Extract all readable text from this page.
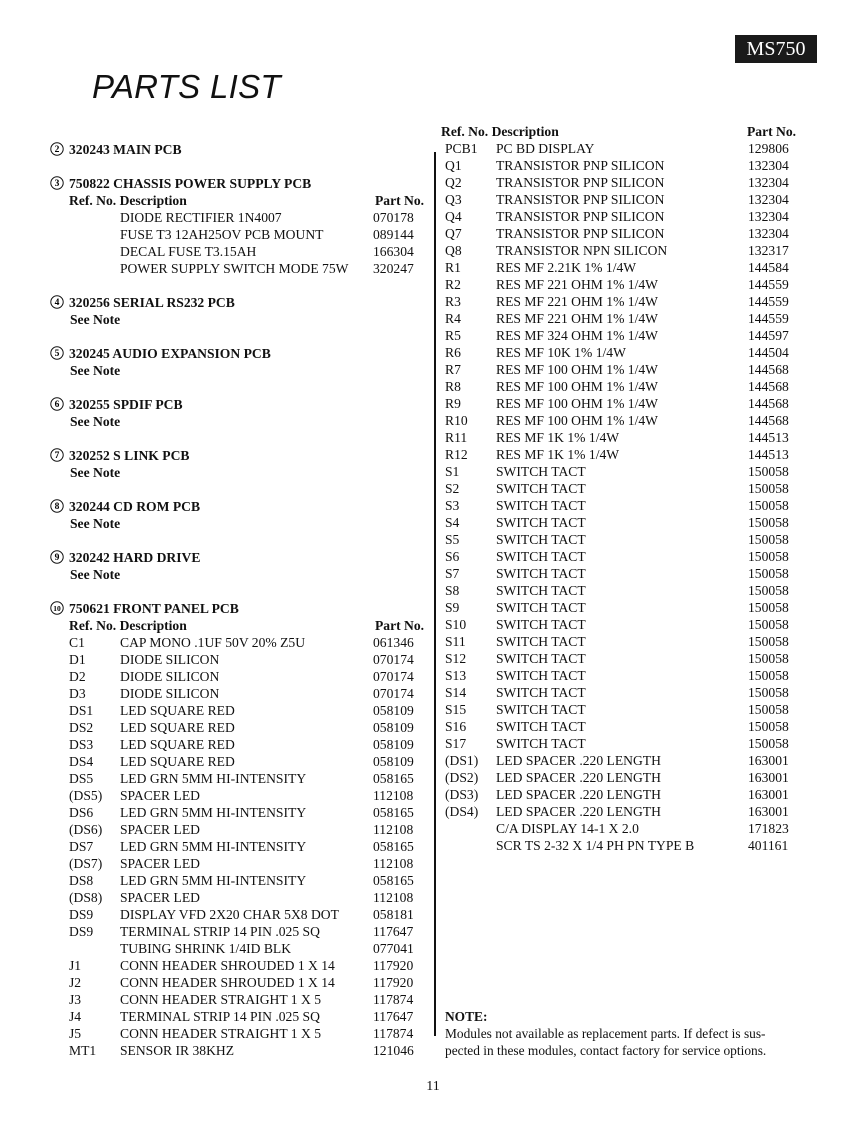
MS750
PARTS LIST
2 320243 MAIN PCB
3 750822 CHASSIS POWER SUPPLY PCB
Ref. No. Description	Part No.
DIODE RECTIFIER 1N4007	070178
FUSE T3 12AH25OV PCB MOUNT	089144
DECAL FUSE T3.15AH	166304
POWER SUPPLY SWITCH MODE 75W 320247
4 320256 SERIAL RS232 PCB
See Note
5 320245 AUDIO EXPANSION PCB
See Note
6 320255 SPDIF PCB
See Note
7 320252 S LINK PCB
See Note
8 320244 CD ROM PCB
See Note
9 320242 HARD DRIVE
See Note
10 750621 FRONT PANEL PCB
Ref. No. Description	Part No.
C1	CAP MONO .1UF 50V 20% Z5U	061346
D1	DIODE SILICON	070174
D2	DIODE SILICON	070174
D3	DIODE SILICON	070174
DS1 LED SQUARE RED	058109
DS2 LED SQUARE RED	058109
DS3 LED SQUARE RED	058109
DS4 LED SQUARE RED	058109
DS5 LED GRN 5MM HI-INTENSITY	058165
(DS5) SPACER LED	112108
DS6 LED GRN 5MM HI-INTENSITY	058165
(DS6) SPACER LED	112108
DS7 LED GRN 5MM HI-INTENSITY	058165
(DS7) SPACER LED	112108
DS8 LED GRN 5MM HI-INTENSITY	058165
(DS8) SPACER LED	112108
DS9 DISPLAY VFD 2X20 CHAR 5X8 DOT	058181
DS9 TERMINAL STRIP 14 PIN .025 SQ	117647
TUBING SHRINK 1/4ID BLK	077041
J1	CONN HEADER SHROUDED 1 X 14	117920
J2	CONN HEADER SHROUDED 1 X 14	117920
J3	CONN HEADER STRAIGHT 1 X 5	117874
J4	TERMINAL STRIP 14 PIN .025 SQ	117647
J5	CONN HEADER STRAIGHT 1 X 5	117874
MT1 SENSOR IR 38KHZ	121046
Ref. No. Description	Part No.
PCB1 PC BD DISPLAY	129806
Q1	TRANSISTOR PNP SILICON	132304
Q2	TRANSISTOR PNP SILICON	132304
Q3	TRANSISTOR PNP SILICON	132304
Q4	TRANSISTOR PNP SILICON	132304
Q7	TRANSISTOR PNP SILICON	132304
Q8	TRANSISTOR NPN SILICON	132317
R1	RES MF 2.21K 1% 1/4W	144584
R2	RES MF 221 OHM 1% 1/4W	144559
R3	RES MF 221 OHM 1% 1/4W	144559
R4	RES MF 221 OHM 1% 1/4W	144559
R5	RES MF 324 OHM 1% 1/4W	144597
R6	RES MF 10K 1% 1/4W	144504
R7	RES MF 100 OHM 1% 1/4W	144568
R8	RES MF 100 OHM 1% 1/4W	144568
R9	RES MF 100 OHM 1% 1/4W	144568
R10 RES MF 100 OHM 1% 1/4W	144568
R11 RES MF 1K 1% 1/4W	144513
R12 RES MF 1K 1% 1/4W	144513
S1	SWITCH TACT	150058
S2	SWITCH TACT	150058
S3	SWITCH TACT	150058
S4	SWITCH TACT	150058
S5	SWITCH TACT	150058
S6	SWITCH TACT	150058
S7	SWITCH TACT	150058
S8	SWITCH TACT	150058
S9	SWITCH TACT	150058
S10 SWITCH TACT	150058
S11 SWITCH TACT	150058
S12 SWITCH TACT	150058
S13 SWITCH TACT	150058
S14 SWITCH TACT	150058
S15 SWITCH TACT	150058
S16 SWITCH TACT	150058
S17 SWITCH TACT	150058
(DS1) LED SPACER .220 LENGTH	163001
(DS2) LED SPACER .220 LENGTH	163001
(DS3) LED SPACER .220 LENGTH	163001
(DS4) LED SPACER .220 LENGTH	163001
C/A DISPLAY 14-1 X 2.0	171823
SCR TS 2-32 X 1/4 PH PN TYPE B	401161
NOTE:
Modules not available as replacement parts. If defect is sus-
pected in these modules, contact factory for service options.
11
